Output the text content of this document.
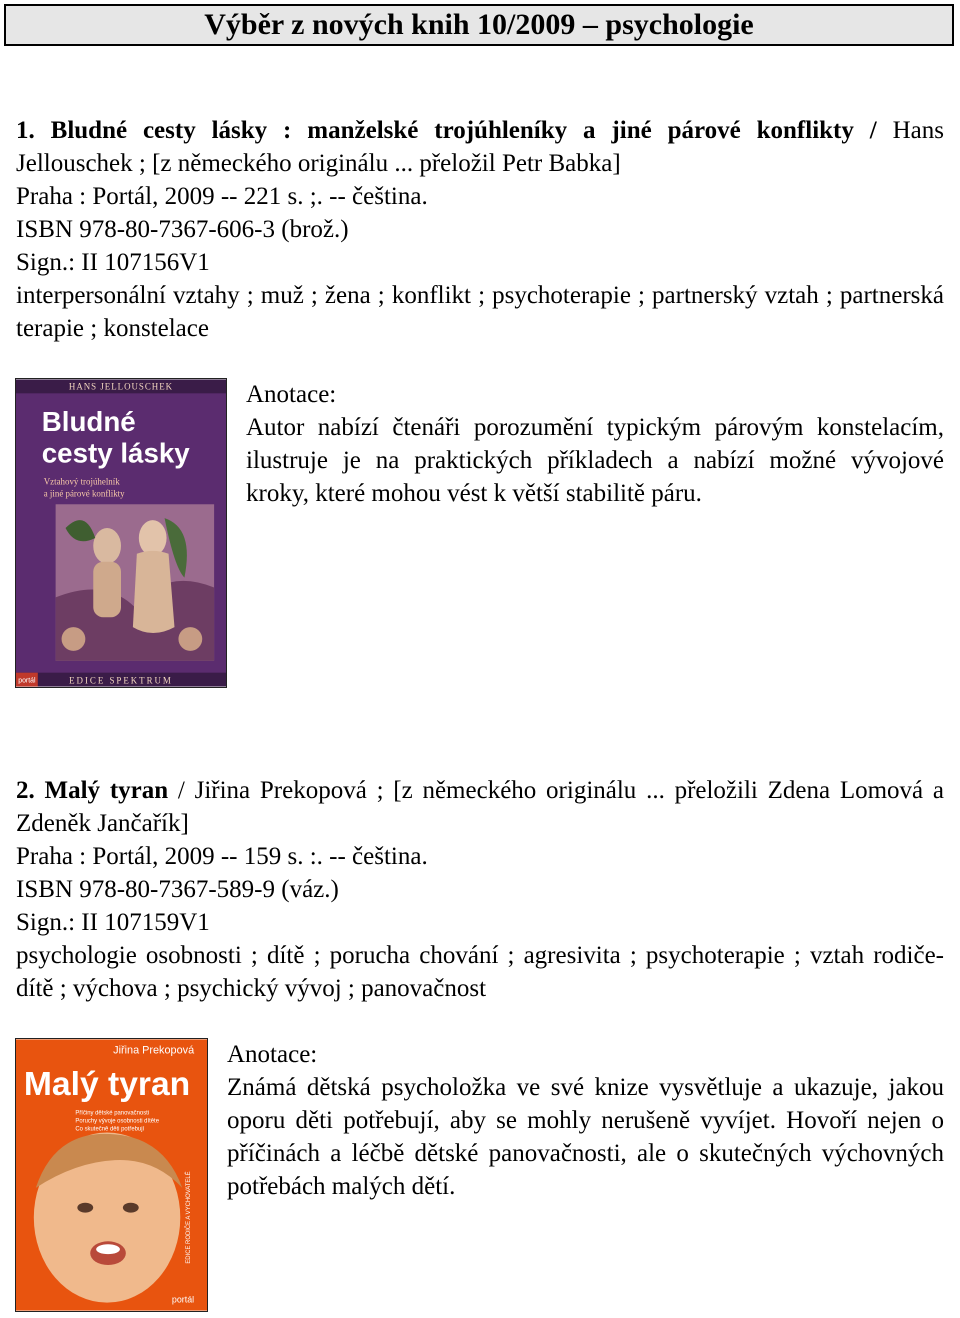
Výběr z nových knih 10/2009 – psychologie
1. Bludné cesty lásky : manželské trojúhleníky a jiné párové konflikty / Hans Jellouschek ; [z německého originálu ... přeložil Petr Babka]
Praha : Portál, 2009 -- 221 s. ;. -- čeština.
ISBN 978-80-7367-606-3 (brož.)
Sign.: II 107156V1
interpersonální vztahy ; muž ; žena ; konflikt ; psychoterapie ; partnerský vztah ; partnerská terapie ; konstelace
HANS JELLOUSCHEK
Bludné
cesty lásky
Vztahový trojúhelník
a jiné párové konflikty
EDICE SPEKTRUM
portál
Anotace:
Autor nabízí čtenáři porozumění typickým párovým konstelacím, ilustruje je na praktických příkladech a nabízí možné vývojové kroky, které mohou vést k větší stabilitě páru.
2. Malý tyran / Jiřina Prekopová ; [z německého originálu ... přeložili Zdena Lomová a Zdeněk Jančařík]
Praha : Portál, 2009 -- 159 s. :. -- čeština.
ISBN 978-80-7367-589-9 (váz.)
Sign.: II 107159V1
psychologie osobnosti ; dítě ; porucha chování ; agresivita ; psychoterapie ; vztah rodiče-dítě ; výchova ; psychický vývoj ; panovačnost
Jiřina Prekopová
Malý tyran
Příčiny dětské panovačnosti
Poruchy vývoje osobnosti dítěte
Co skutečně děti potřebují
EDICE RODIČE A VYCHOVATELÉ
portál
Anotace:
Známá dětská psycholožka ve své knize vysvětluje a ukazuje, jakou oporu děti potřebují, aby se mohly nerušeně vyvíjet. Hovoří nejen o příčinách a léčbě dětské panovačnosti, ale o skutečných výchovných potřebách malých dětí.
